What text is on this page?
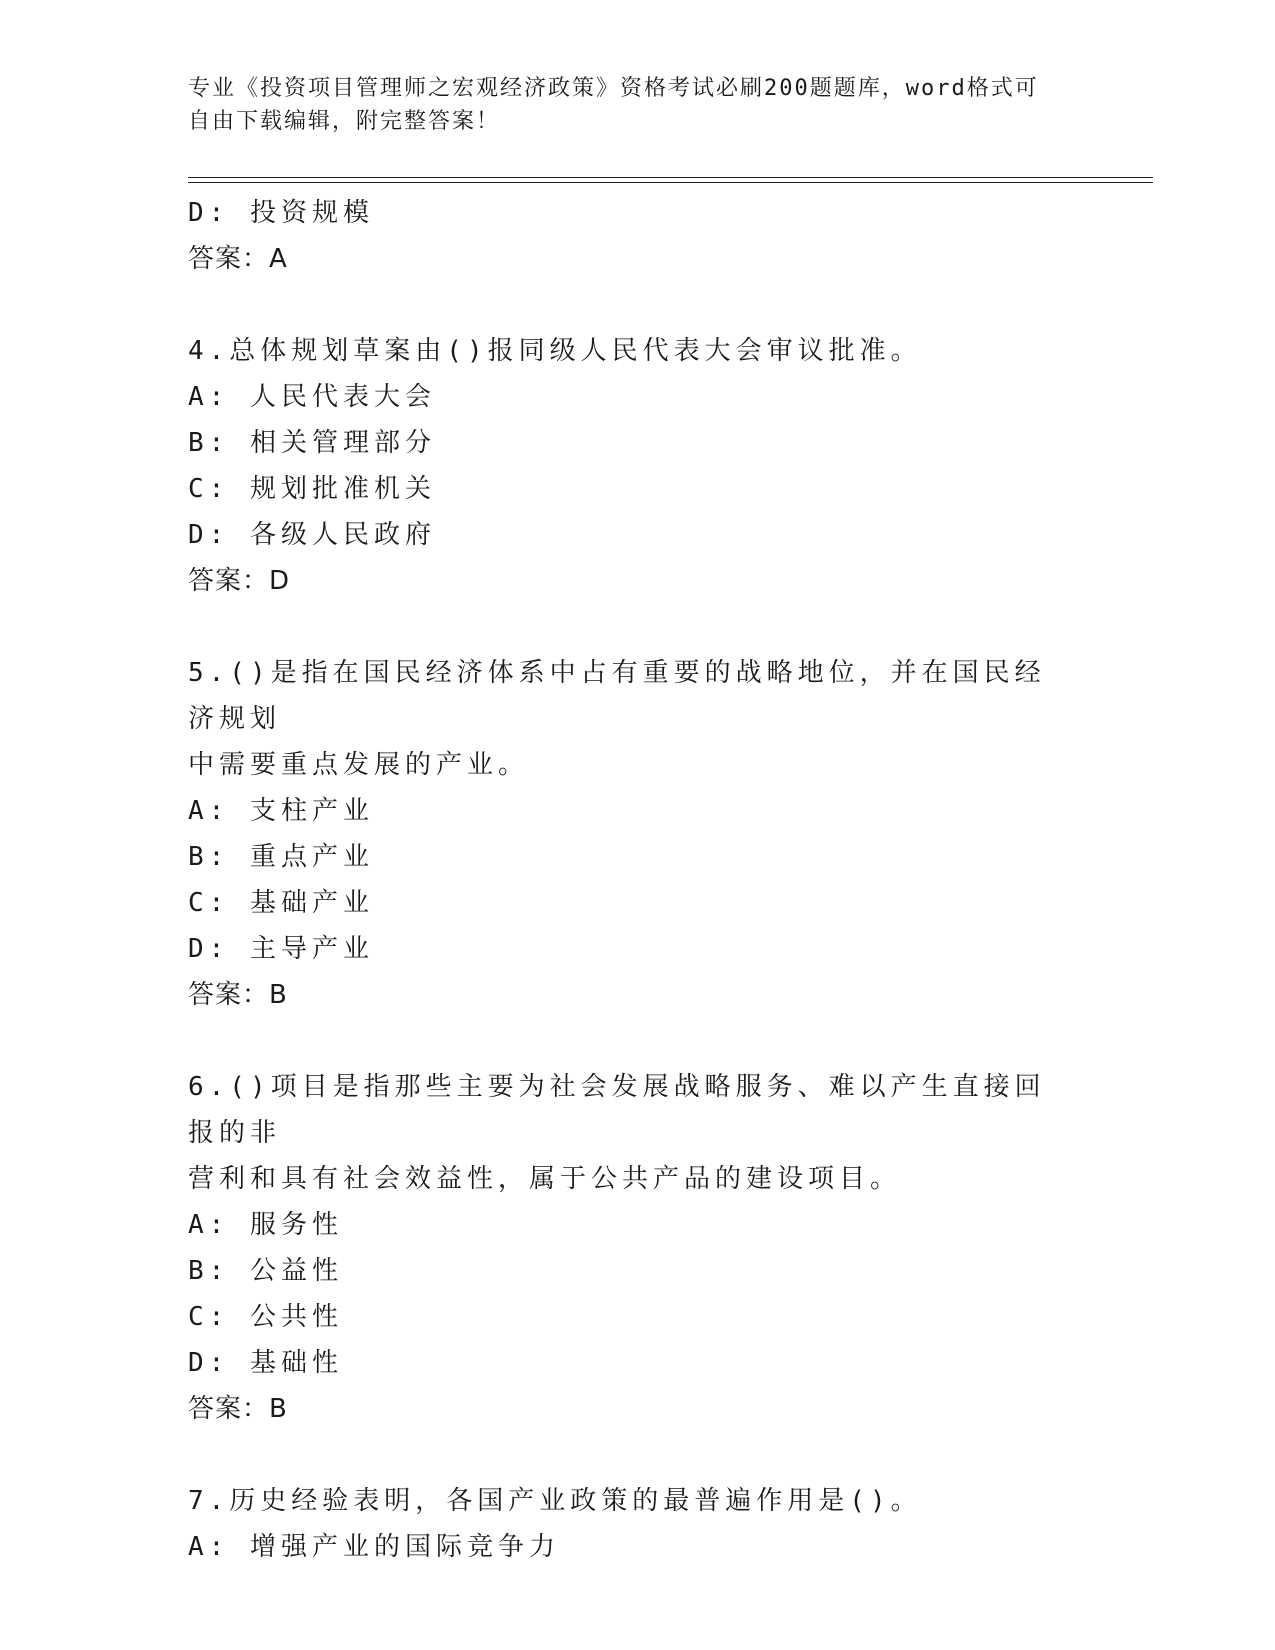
专业《投资项目管理师之宏观经济政策》资格考试必刷200题题库，word格式可
自由下载编辑，附完整答案！
D: 投资规模
答案：A
4.总体规划草案由()报同级人民代表大会审议批准。
A: 人民代表大会
B: 相关管理部分
C: 规划批准机关
D: 各级人民政府
答案：D
5.()是指在国民经济体系中占有重要的战略地位，并在国民经济规划
中需要重点发展的产业。
A: 支柱产业
B: 重点产业
C: 基础产业
D: 主导产业
答案：B
6.()项目是指那些主要为社会发展战略服务、难以产生直接回报的非
营利和具有社会效益性，属于公共产品的建设项目。
A: 服务性
B: 公益性
C: 公共性
D: 基础性
答案：B
7.历史经验表明，各国产业政策的最普遍作用是()。
A: 增强产业的国际竞争力
